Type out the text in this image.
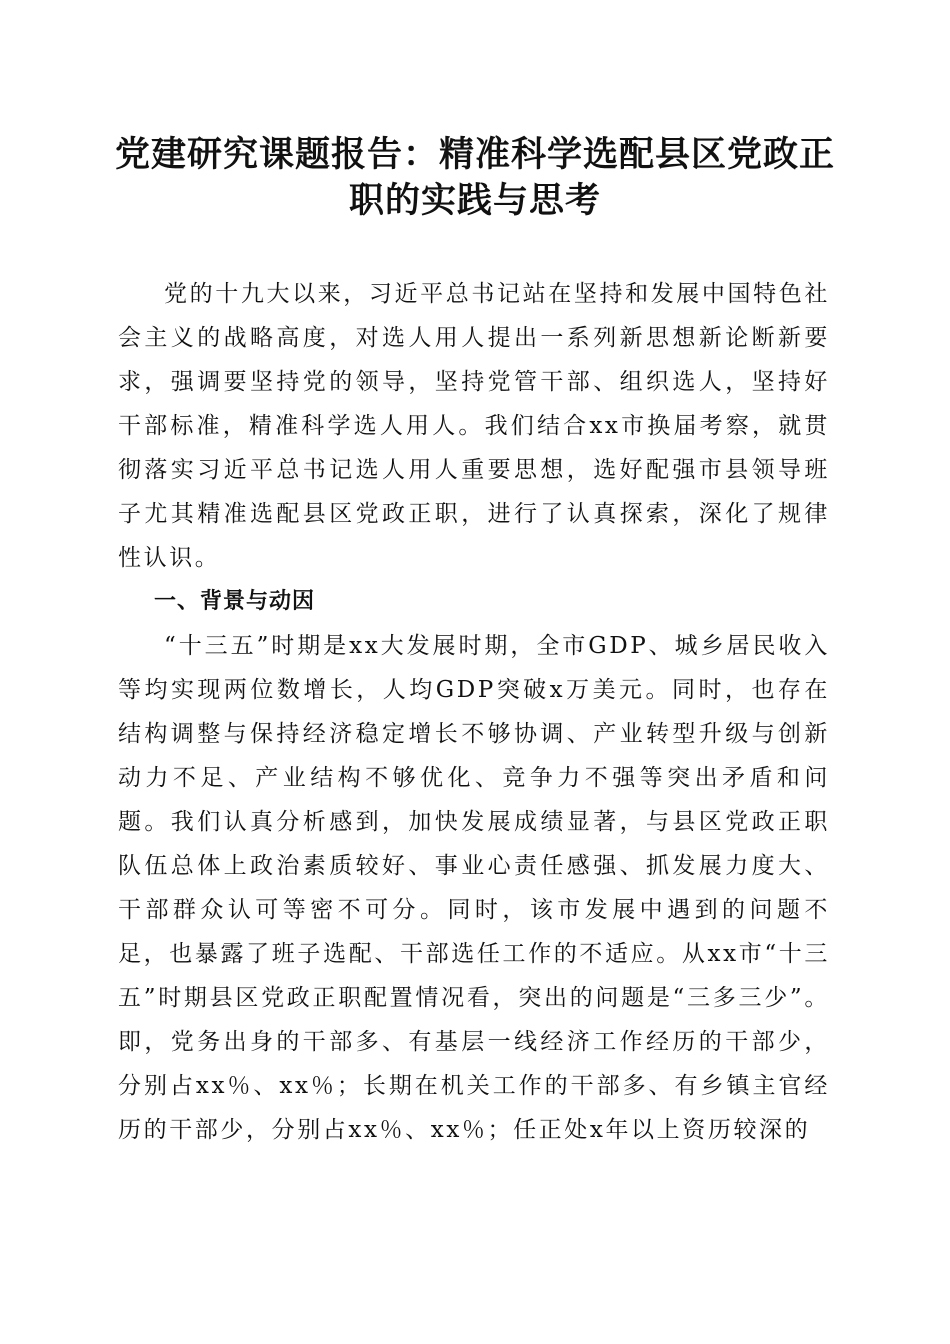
党建研究课题报告：精准科学选配县区党政正
职的实践与思考

党的十九大以来，习近平总书记站在坚持和发展中国特色社会主义的战略高度，对选人用人提出一系列新思想新论断新要求，强调要坚持党的领导，坚持党管干部、组织选人，坚持好干部标准，精准科学选人用人。我们结合xx市换届考察，就贯彻落实习近平总书记选人用人重要思想，选好配强市县领导班子尤其精准选配县区党政正职，进行了认真探索，深化了规律性认识。

一、背景与动因

“十三五”时期是xx大发展时期，全市GDP、城乡居民收入等均实现两位数增长，人均GDP突破x万美元。同时，也存在结构调整与保持经济稳定增长不够协调、产业转型升级与创新动力不足、产业结构不够优化、竞争力不强等突出矛盾和问题。我们认真分析感到，加快发展成绩显著，与县区党政正职队伍总体上政治素质较好、事业心责任感强、抓发展力度大、干部群众认可等密不可分。同时，该市发展中遇到的问题不足，也暴露了班子选配、干部选任工作的不适应。从xx市“十三五”时期县区党政正职配置情况看，突出的问题是“三多三少”。即，党务出身的干部多、有基层一线经济工作经历的干部少，分别占xx％、xx％；长期在机关工作的干部多、有乡镇主官经历的干部少，分别占xx％、xx％；任正处x年以上资历较深的
